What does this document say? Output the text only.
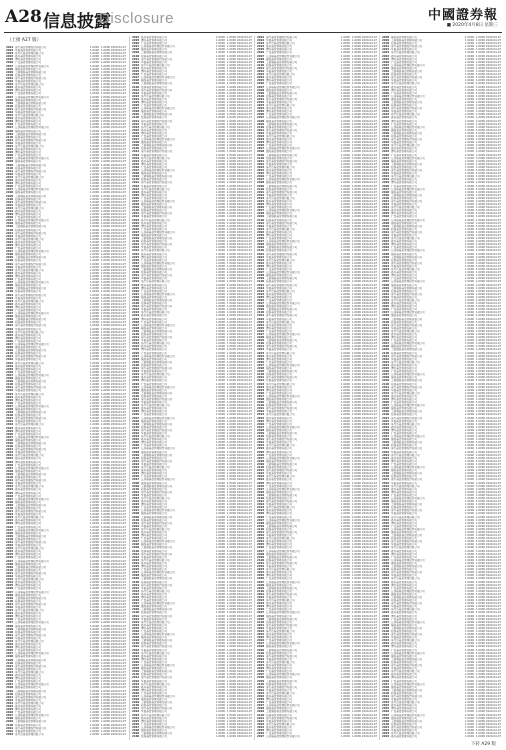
A28 信息披露
Disclosure	中國證券報
■ 2020年4月8日 星期三
（上接 A27 版）
2091 南方基金管理股份有限公司	1.0000 1.0000 2020-04-07
2092 华夏基金管理有限公司	1.0000 1.0000 2020-04-07
2093 易方达基金管理有限公司	1.0000 1.0000 2020-04-07
2094 嘉实基金管理有限公司	1.0000 1.0000 2020-04-07
2095 博时基金管理有限公司	1.0000 1.0000 2020-04-07
2096 广发基金管理有限公司	1.0000 1.0000 2020-04-07
2097 汇添富基金管理股份有限公司	1.0000 1.0000 2020-04-07
2098 富国基金管理有限公司	1.0000 1.0000 2020-04-07
2099 工银瑞信基金管理有限公司	1.0000 1.0000 2020-04-07
2100 招商基金管理有限公司	1.0000 1.0000 2020-04-07
2091 南方基金管理股份有限公司	1.0000 1.0000 2020-04-07
2092 华夏基金管理有限公司	1.0000 1.0000 2020-04-07
2093 易方达基金管理有限公司	1.0000 1.0000 2020-04-07
2094 嘉实基金管理有限公司	1.0000 1.0000 2020-04-07
2095 博时基金管理有限公司	1.0000 1.0000 2020-04-07
2096 广发基金管理有限公司	1.0000 1.0000 2020-04-07
2097 汇添富基金管理股份有限公司	1.0000 1.0000 2020-04-07
2098 富国基金管理有限公司	1.0000 1.0000 2020-04-07
2099 工银瑞信基金管理有限公司	1.0000 1.0000 2020-04-07
2100 招商基金管理有限公司	1.0000 1.0000 2020-04-07
2091 南方基金管理股份有限公司	1.0000 1.0000 2020-04-07
2092 华夏基金管理有限公司	1.0000 1.0000 2020-04-07
2093 易方达基金管理有限公司	1.0000 1.0000 2020-04-07
2094 嘉实基金管理有限公司	1.0000 1.0000 2020-04-07
2095 博时基金管理有限公司	1.0000 1.0000 2020-04-07
2096 广发基金管理有限公司	1.0000 1.0000 2020-04-07
2097 汇添富基金管理股份有限公司	1.0000 1.0000 2020-04-07
2098 富国基金管理有限公司	1.0000 1.0000 2020-04-07
2099 工银瑞信基金管理有限公司	1.0000 1.0000 2020-04-07
2100 招商基金管理有限公司	1.0000 1.0000 2020-04-07
2091 南方基金管理股份有限公司	1.0000 1.0000 2020-04-07
2092 华夏基金管理有限公司	1.0000 1.0000 2020-04-07
2093 易方达基金管理有限公司	1.0000 1.0000 2020-04-07
2094 嘉实基金管理有限公司	1.0000 1.0000 2020-04-07
2095 博时基金管理有限公司	1.0000 1.0000 2020-04-07
2096 广发基金管理有限公司	1.0000 1.0000 2020-04-07
2097 汇添富基金管理股份有限公司	1.0000 1.0000 2020-04-07
2098 富国基金管理有限公司	1.0000 1.0000 2020-04-07
2099 工银瑞信基金管理有限公司	1.0000 1.0000 2020-04-07
2100 招商基金管理有限公司	1.0000 1.0000 2020-04-07
2091 南方基金管理股份有限公司	1.0000 1.0000 2020-04-07
2092 华夏基金管理有限公司	1.0000 1.0000 2020-04-07
2093 易方达基金管理有限公司	1.0000 1.0000 2020-04-07
2094 嘉实基金管理有限公司	1.0000 1.0000 2020-04-07
2095 博时基金管理有限公司	1.0000 1.0000 2020-04-07
2096 广发基金管理有限公司	1.0000 1.0000 2020-04-07
2097 汇添富基金管理股份有限公司	1.0000 1.0000 2020-04-07
2098 富国基金管理有限公司	1.0000 1.0000 2020-04-07
2099 工银瑞信基金管理有限公司	1.0000 1.0000 2020-04-07
2100 招商基金管理有限公司	1.0000 1.0000 2020-04-07
2091 南方基金管理股份有限公司	1.0000 1.0000 2020-04-07
2092 华夏基金管理有限公司	1.0000 1.0000 2020-04-07
2093 易方达基金管理有限公司	1.0000 1.0000 2020-04-07
2094 嘉实基金管理有限公司	1.0000 1.0000 2020-04-07
2095 博时基金管理有限公司	1.0000 1.0000 2020-04-07
2096 广发基金管理有限公司	1.0000 1.0000 2020-04-07
2097 汇添富基金管理股份有限公司	1.0000 1.0000 2020-04-07
2098 富国基金管理有限公司	1.0000 1.0000 2020-04-07
2099 工银瑞信基金管理有限公司	1.0000 1.0000 2020-04-07
2100 招商基金管理有限公司	1.0000 1.0000 2020-04-07
2091 南方基金管理股份有限公司	1.0000 1.0000 2020-04-07
2092 华夏基金管理有限公司	1.0000 1.0000 2020-04-07
2093 易方达基金管理有限公司	1.0000 1.0000 2020-04-07
2094 嘉实基金管理有限公司	1.0000 1.0000 2020-04-07
2095 博时基金管理有限公司	1.0000 1.0000 2020-04-07
2096 广发基金管理有限公司	1.0000 1.0000 2020-04-07
2097 汇添富基金管理股份有限公司	1.0000 1.0000 2020-04-07
2098 富国基金管理有限公司	1.0000 1.0000 2020-04-07
2099 工银瑞信基金管理有限公司	1.0000 1.0000 2020-04-07
2100 招商基金管理有限公司	1.0000 1.0000 2020-04-07
2091 南方基金管理股份有限公司	1.0000 1.0000 2020-04-07
2092 华夏基金管理有限公司	1.0000 1.0000 2020-04-07
2093 易方达基金管理有限公司	1.0000 1.0000 2020-04-07
2094 嘉实基金管理有限公司	1.0000 1.0000 2020-04-07
2095 博时基金管理有限公司	1.0000 1.0000 2020-04-07
2096 广发基金管理有限公司	1.0000 1.0000 2020-04-07
2097 汇添富基金管理股份有限公司	1.0000 1.0000 2020-04-07
2098 富国基金管理有限公司	1.0000 1.0000 2020-04-07
2099 工银瑞信基金管理有限公司	1.0000 1.0000 2020-04-07
2100 招商基金管理有限公司	1.0000 1.0000 2020-04-07
2091 南方基金管理股份有限公司	1.0000 1.0000 2020-04-07
2092 华夏基金管理有限公司	1.0000 1.0000 2020-04-07
2093 易方达基金管理有限公司	1.0000 1.0000 2020-04-07
2094 嘉实基金管理有限公司	1.0000 1.0000 2020-04-07
2095 博时基金管理有限公司	1.0000 1.0000 2020-04-07
2096 广发基金管理有限公司	1.0000 1.0000 2020-04-07
2097 汇添富基金管理股份有限公司	1.0000 1.0000 2020-04-07
2098 富国基金管理有限公司	1.0000 1.0000 2020-04-07
2099 工银瑞信基金管理有限公司	1.0000 1.0000 2020-04-07
2100 招商基金管理有限公司	1.0000 1.0000 2020-04-07
2091 南方基金管理股份有限公司	1.0000 1.0000 2020-04-07
2092 华夏基金管理有限公司	1.0000 1.0000 2020-04-07
2093 易方达基金管理有限公司	1.0000 1.0000 2020-04-07
2094 嘉实基金管理有限公司	1.0000 1.0000 2020-04-07
2095 博时基金管理有限公司	1.0000 1.0000 2020-04-07
2096 广发基金管理有限公司	1.0000 1.0000 2020-04-07
2097 汇添富基金管理股份有限公司	1.0000 1.0000 2020-04-07
2098 富国基金管理有限公司	1.0000 1.0000 2020-04-07
2099 工银瑞信基金管理有限公司	1.0000 1.0000 2020-04-07
2100 招商基金管理有限公司	1.0000 1.0000 2020-04-07
2091 南方基金管理股份有限公司	1.0000 1.0000 2020-04-07
2092 华夏基金管理有限公司	1.0000 1.0000 2020-04-07
2093 易方达基金管理有限公司	1.0000 1.0000 2020-04-07
2094 嘉实基金管理有限公司	1.0000 1.0000 2020-04-07
2095 博时基金管理有限公司	1.0000 1.0000 2020-04-07
2096 广发基金管理有限公司	1.0000 1.0000 2020-04-07
2097 汇添富基金管理股份有限公司	1.0000 1.0000 2020-04-07
2098 富国基金管理有限公司	1.0000 1.0000 2020-04-07
2099 工银瑞信基金管理有限公司	1.0000 1.0000 2020-04-07
2100 招商基金管理有限公司	1.0000 1.0000 2020-04-07
2091 南方基金管理股份有限公司	1.0000 1.0000 2020-04-07
2092 华夏基金管理有限公司	1.0000 1.0000 2020-04-07
2093 易方达基金管理有限公司	1.0000 1.0000 2020-04-07
2094 嘉实基金管理有限公司	1.0000 1.0000 2020-04-07
2095 博时基金管理有限公司	1.0000 1.0000 2020-04-07
2096 广发基金管理有限公司	1.0000 1.0000 2020-04-07
2097 汇添富基金管理股份有限公司	1.0000 1.0000 2020-04-07
2098 富国基金管理有限公司	1.0000 1.0000 2020-04-07
2099 工银瑞信基金管理有限公司	1.0000 1.0000 2020-04-07
2100 招商基金管理有限公司	1.0000 1.0000 2020-04-07
2091 南方基金管理股份有限公司	1.0000 1.0000 2020-04-07
2092 华夏基金管理有限公司	1.0000 1.0000 2020-04-07
2093 易方达基金管理有限公司	1.0000 1.0000 2020-04-07
2094 嘉实基金管理有限公司	1.0000 1.0000 2020-04-07
2095 博时基金管理有限公司	1.0000 1.0000 2020-04-07
2096 广发基金管理有限公司	1.0000 1.0000 2020-04-07
2097 汇添富基金管理股份有限公司	1.0000 1.0000 2020-04-07
2098 富国基金管理有限公司	1.0000 1.0000 2020-04-07
2099 工银瑞信基金管理有限公司	1.0000 1.0000 2020-04-07
2100 招商基金管理有限公司	1.0000 1.0000 2020-04-07
2091 南方基金管理股份有限公司	1.0000 1.0000 2020-04-07
2092 华夏基金管理有限公司	1.0000 1.0000 2020-04-07
2093 易方达基金管理有限公司	1.0000 1.0000 2020-04-07
2094 嘉实基金管理有限公司	1.0000 1.0000 2020-04-07
2095 博时基金管理有限公司	1.0000 1.0000 2020-04-07
2096 广发基金管理有限公司	1.0000 1.0000 2020-04-07
2097 汇添富基金管理股份有限公司	1.0000 1.0000 2020-04-07
2098 富国基金管理有限公司	1.0000 1.0000 2020-04-07
2099 工银瑞信基金管理有限公司	1.0000 1.0000 2020-04-07
2100 招商基金管理有限公司	1.0000 1.0000 2020-04-07
2091 南方基金管理股份有限公司	1.0000 1.0000 2020-04-07
2092 华夏基金管理有限公司	1.0000 1.0000 2020-04-07
2093 易方达基金管理有限公司	1.0000 1.0000 2020-04-07
2094 嘉实基金管理有限公司	1.0000 1.0000 2020-04-07
2095 博时基金管理有限公司	1.0000 1.0000 2020-04-07
2096 广发基金管理有限公司	1.0000 1.0000 2020-04-07
2097 汇添富基金管理股份有限公司	1.0000 1.0000 2020-04-07
2098 富国基金管理有限公司	1.0000 1.0000 2020-04-07
2099 工银瑞信基金管理有限公司	1.0000 1.0000 2020-04-07
2100 招商基金管理有限公司	1.0000 1.0000 2020-04-07
2091 南方基金管理股份有限公司	1.0000 1.0000 2020-04-07
2092 华夏基金管理有限公司	1.0000 1.0000 2020-04-07
2093 易方达基金管理有限公司	1.0000 1.0000 2020-04-07
2094 嘉实基金管理有限公司	1.0000 1.0000 2020-04-07
2095 博时基金管理有限公司	1.0000 1.0000 2020-04-07
2096 广发基金管理有限公司	1.0000 1.0000 2020-04-07
2097 汇添富基金管理股份有限公司	1.0000 1.0000 2020-04-07
2098 富国基金管理有限公司	1.0000 1.0000 2020-04-07
2099 工银瑞信基金管理有限公司	1.0000 1.0000 2020-04-07
2100 招商基金管理有限公司	1.0000 1.0000 2020-04-07
2091 南方基金管理股份有限公司	1.0000 1.0000 2020-04-07
2092 华夏基金管理有限公司	1.0000 1.0000 2020-04-07
2093 易方达基金管理有限公司	1.0000 1.0000 2020-04-07
2094 嘉实基金管理有限公司	1.0000 1.0000 2020-04-07
2095 博时基金管理有限公司	1.0000 1.0000 2020-04-07
2096 广发基金管理有限公司	1.0000 1.0000 2020-04-07
2097 汇添富基金管理股份有限公司	1.0000 1.0000 2020-04-07
2098 富国基金管理有限公司	1.0000 1.0000 2020-04-07
2099 工银瑞信基金管理有限公司	1.0000 1.0000 2020-04-07
2100 招商基金管理有限公司	1.0000 1.0000 2020-04-07
2091 南方基金管理股份有限公司	1.0000 1.0000 2020-04-07
2092 华夏基金管理有限公司	1.0000 1.0000 2020-04-07
2093 易方达基金管理有限公司	1.0000 1.0000 2020-04-07
2094 嘉实基金管理有限公司	1.0000 1.0000 2020-04-07
2095 博时基金管理有限公司	1.0000 1.0000 2020-04-07
2096 广发基金管理有限公司	1.0000 1.0000 2020-04-07
2097 汇添富基金管理股份有限公司	1.0000 1.0000 2020-04-07
2098 富国基金管理有限公司	1.0000 1.0000 2020-04-07
2099 工银瑞信基金管理有限公司	1.0000 1.0000 2020-04-07
2100 招商基金管理有限公司	1.0000 1.0000 2020-04-07
2091 南方基金管理股份有限公司	1.0000 1.0000 2020-04-07
2092 华夏基金管理有限公司	1.0000 1.0000 2020-04-07
2093 易方达基金管理有限公司	1.0000 1.0000 2020-04-07
2094 嘉实基金管理有限公司	1.0000 1.0000 2020-04-07
2095 博时基金管理有限公司	1.0000 1.0000 2020-04-07
2096 广发基金管理有限公司	1.0000 1.0000 2020-04-07
2097 汇添富基金管理股份有限公司	1.0000 1.0000 2020-04-07
2098 富国基金管理有限公司	1.0000 1.0000 2020-04-07
2099 工银瑞信基金管理有限公司	1.0000 1.0000 2020-04-07
2100 招商基金管理有限公司	1.0000 1.0000 2020-04-07
2091 南方基金管理股份有限公司	1.0000 1.0000 2020-04-07
2092 华夏基金管理有限公司	1.0000 1.0000 2020-04-07
2093 易方达基金管理有限公司	1.0000 1.0000 2020-04-07
2094 嘉实基金管理有限公司	1.0000 1.0000 2020-04-07
2095 博时基金管理有限公司	1.0000 1.0000 2020-04-07
2096 广发基金管理有限公司	1.0000 1.0000 2020-04-07
2097 汇添富基金管理股份有限公司	1.0000 1.0000 2020-04-07
2098 富国基金管理有限公司	1.0000 1.0000 2020-04-07
2099 工银瑞信基金管理有限公司	1.0000 1.0000 2020-04-07
2100 招商基金管理有限公司	1.0000 1.0000 2020-04-07
2091 南方基金管理股份有限公司	1.0000 1.0000 2020-04-07
2092 华夏基金管理有限公司	1.0000 1.0000 2020-04-07
2093 易方达基金管理有限公司	1.0000 1.0000 2020-04-07
2094 嘉实基金管理有限公司	1.0000 1.0000 2020-04-07
2095 博时基金管理有限公司	1.0000 1.0000 2020-04-07
2096 广发基金管理有限公司	1.0000 1.0000 2020-04-07
2097 汇添富基金管理股份有限公司	1.0000 1.0000 2020-04-07
2098 富国基金管理有限公司	1.0000 1.0000 2020-04-07
2099 工银瑞信基金管理有限公司	1.0000 1.0000 2020-04-07
2100 招商基金管理有限公司	1.0000 1.0000 2020-04-07
2091 南方基金管理股份有限公司	1.0000 1.0000 2020-04-07
2092 华夏基金管理有限公司	1.0000 1.0000 2020-04-07
2093 易方达基金管理有限公司	1.0000 1.0000 2020-04-07
2094 嘉实基金管理有限公司	1.0000 1.0000 2020-04-07
2095 博时基金管理有限公司	1.0000 1.0000 2020-04-07
2096 广发基金管理有限公司	1.0000 1.0000 2020-04-07
2097 汇添富基金管理股份有限公司	1.0000 1.0000 2020-04-07
2098 富国基金管理有限公司	1.0000 1.0000 2020-04-07
2099 工银瑞信基金管理有限公司	1.0000 1.0000 2020-04-07
2100 招商基金管理有限公司	1.0000 1.0000 2020-04-07
2091 南方基金管理股份有限公司	1.0000 1.0000 2020-04-07
2092 华夏基金管理有限公司	1.0000 1.0000 2020-04-07
2093 易方达基金管理有限公司	1.0000 1.0000 2020-04-07
2094 嘉实基金管理有限公司	1.0000 1.0000 2020-04-07
2095 博时基金管理有限公司	1.0000 1.0000 2020-04-07
2096 广发基金管理有限公司	1.0000 1.0000 2020-04-07
2097 汇添富基金管理股份有限公司	1.0000 1.0000 2020-04-07
2098 富国基金管理有限公司	1.0000 1.0000 2020-04-07
2099 工银瑞信基金管理有限公司	1.0000 1.0000 2020-04-07
2100 招商基金管理有限公司	1.0000 1.0000 2020-04-07
2091 南方基金管理股份有限公司	1.0000 1.0000 2020-04-07
2092 华夏基金管理有限公司	1.0000 1.0000 2020-04-07
2093 易方达基金管理有限公司	1.0000 1.0000 2020-04-07
2094 嘉实基金管理有限公司	1.0000 1.0000 2020-04-07
2095 博时基金管理有限公司	1.0000 1.0000 2020-04-07
2096 广发基金管理有限公司	1.0000 1.0000 2020-04-07
2097 汇添富基金管理股份有限公司	1.0000 1.0000 2020-04-07
2098 富国基金管理有限公司	1.0000 1.0000 2020-04-07
2099 工银瑞信基金管理有限公司	1.0000 1.0000 2020-04-07
2100 招商基金管理有限公司	1.0000 1.0000 2020-04-07
2091 南方基金管理股份有限公司	1.0000 1.0000 2020-04-07
2092 华夏基金管理有限公司	1.0000 1.0000 2020-04-07
2093 易方达基金管理有限公司	1.0000 1.0000 2020-04-07
2094 嘉实基金管理有限公司	1.0000 1.0000 2020-04-07
2095 博时基金管理有限公司	1.0000 1.0000 2020-04-07
2096 广发基金管理有限公司	1.0000 1.0000 2020-04-07
2097 汇添富基金管理股份有限公司	1.0000 1.0000 2020-04-07
2098 富国基金管理有限公司	1.0000 1.0000 2020-04-07
2099 工银瑞信基金管理有限公司	1.0000 1.0000 2020-04-07
2100 招商基金管理有限公司	1.0000 1.0000 2020-04-07
2091 南方基金管理股份有限公司	1.0000 1.0000 2020-04-07
2092 华夏基金管理有限公司	1.0000 1.0000 2020-04-07
2093 易方达基金管理有限公司	1.0000 1.0000 2020-04-07
2094 嘉实基金管理有限公司	1.0000 1.0000 2020-04-07
2095 博时基金管理有限公司	1.0000 1.0000 2020-04-07
2096 广发基金管理有限公司	1.0000 1.0000 2020-04-07
2097 汇添富基金管理股份有限公司	1.0000 1.0000 2020-04-07
2098 富国基金管理有限公司	1.0000 1.0000 2020-04-07
2099 工银瑞信基金管理有限公司	1.0000 1.0000 2020-04-07
2100 招商基金管理有限公司	1.0000 1.0000 2020-04-07
2091 南方基金管理股份有限公司	1.0000 1.0000 2020-04-07
2092 华夏基金管理有限公司	1.0000 1.0000 2020-04-07
2093 易方达基金管理有限公司	1.0000 1.0000 2020-04-07
2094 嘉实基金管理有限公司	1.0000 1.0000 2020-04-07
2095 博时基金管理有限公司	1.0000 1.0000 2020-04-07
2096 广发基金管理有限公司	1.0000 1.0000 2020-04-07
2097 汇添富基金管理股份有限公司	1.0000 1.0000 2020-04-07
2098 富国基金管理有限公司	1.0000 1.0000 2020-04-07
2099 工银瑞信基金管理有限公司	1.0000 1.0000 2020-04-07
2100 招商基金管理有限公司	1.0000 1.0000 2020-04-07
2091 南方基金管理股份有限公司	1.0000 1.0000 2020-04-07
2092 华夏基金管理有限公司	1.0000 1.0000 2020-04-07
2093 易方达基金管理有限公司	1.0000 1.0000 2020-04-07
2094 嘉实基金管理有限公司	1.0000 1.0000 2020-04-07
2095 博时基金管理有限公司	1.0000 1.0000 2020-04-07
2096 广发基金管理有限公司	1.0000 1.0000 2020-04-07
2097 汇添富基金管理股份有限公司	1.0000 1.0000 2020-04-07
2098 富国基金管理有限公司	1.0000 1.0000 2020-04-07
2099 工银瑞信基金管理有限公司	1.0000 1.0000 2020-04-07
2100 招商基金管理有限公司	1.0000 1.0000 2020-04-07
2091 南方基金管理股份有限公司	1.0000 1.0000 2020-04-07
2092 华夏基金管理有限公司	1.0000 1.0000 2020-04-07
2093 易方达基金管理有限公司	1.0000 1.0000 2020-04-07
2094 嘉实基金管理有限公司	1.0000 1.0000 2020-04-07
2095 博时基金管理有限公司	1.0000 1.0000 2020-04-07
2096 广发基金管理有限公司	1.0000 1.0000 2020-04-07
2097 汇添富基金管理股份有限公司	1.0000 1.0000 2020-04-07
2098 富国基金管理有限公司	1.0000 1.0000 2020-04-07
2099 工银瑞信基金管理有限公司	1.0000 1.0000 2020-04-07
2100 招商基金管理有限公司	1.0000 1.0000 2020-04-07
2091 南方基金管理股份有限公司	1.0000 1.0000 2020-04-07
2092 华夏基金管理有限公司	1.0000 1.0000 2020-04-07
2093 易方达基金管理有限公司	1.0000 1.0000 2020-04-07
2094 嘉实基金管理有限公司	1.0000 1.0000 2020-04-07
2095 博时基金管理有限公司	1.0000 1.0000 2020-04-07
2096 广发基金管理有限公司	1.0000 1.0000 2020-04-07
2097 汇添富基金管理股份有限公司	1.0000 1.0000 2020-04-07
2098 富国基金管理有限公司	1.0000 1.0000 2020-04-07
2099 工银瑞信基金管理有限公司	1.0000 1.0000 2020-04-07
2100 招商基金管理有限公司	1.0000 1.0000 2020-04-07
2091 南方基金管理股份有限公司	1.0000 1.0000 2020-04-07
2092 华夏基金管理有限公司	1.0000 1.0000 2020-04-07
2093 易方达基金管理有限公司	1.0000 1.0000 2020-04-07
2094 嘉实基金管理有限公司	1.0000 1.0000 2020-04-07
2095 博时基金管理有限公司	1.0000 1.0000 2020-04-07
2096 广发基金管理有限公司	1.0000 1.0000 2020-04-07
2097 汇添富基金管理股份有限公司	1.0000 1.0000 2020-04-07
2098 富国基金管理有限公司	1.0000 1.0000 2020-04-07
2099 工银瑞信基金管理有限公司	1.0000 1.0000 2020-04-07
2100 招商基金管理有限公司	1.0000 1.0000 2020-04-07
2091 南方基金管理股份有限公司	1.0000 1.0000 2020-04-07
2092 华夏基金管理有限公司	1.0000 1.0000 2020-04-07
2093 易方达基金管理有限公司	1.0000 1.0000 2020-04-07
2094 嘉实基金管理有限公司	1.0000 1.0000 2020-04-07
2095 博时基金管理有限公司	1.0000 1.0000 2020-04-07
2096 广发基金管理有限公司	1.0000 1.0000 2020-04-07
2097 汇添富基金管理股份有限公司	1.0000 1.0000 2020-04-07
2098 富国基金管理有限公司	1.0000 1.0000 2020-04-07
2099 工银瑞信基金管理有限公司	1.0000 1.0000 2020-04-07
2100 招商基金管理有限公司	1.0000 1.0000 2020-04-07
2091 南方基金管理股份有限公司	1.0000 1.0000 2020-04-07
2092 华夏基金管理有限公司	1.0000 1.0000 2020-04-07
2093 易方达基金管理有限公司	1.0000 1.0000 2020-04-07
2094 嘉实基金管理有限公司	1.0000 1.0000 2020-04-07
2095 博时基金管理有限公司	1.0000 1.0000 2020-04-07
2096 广发基金管理有限公司	1.0000 1.0000 2020-04-07
2097 汇添富基金管理股份有限公司	1.0000 1.0000 2020-04-07
2098 富国基金管理有限公司	1.0000 1.0000 2020-04-07
2099 工银瑞信基金管理有限公司	1.0000 1.0000 2020-04-07
2100 招商基金管理有限公司	1.0000 1.0000 2020-04-07
2091 南方基金管理股份有限公司	1.0000 1.0000 2020-04-07
2092 华夏基金管理有限公司	1.0000 1.0000 2020-04-07
2093 易方达基金管理有限公司	1.0000 1.0000 2020-04-07
2094 嘉实基金管理有限公司	1.0000 1.0000 2020-04-07
2095 博时基金管理有限公司	1.0000 1.0000 2020-04-07
2096 广发基金管理有限公司	1.0000 1.0000 2020-04-07
2097 汇添富基金管理股份有限公司	1.0000 1.0000 2020-04-07
2098 富国基金管理有限公司	1.0000 1.0000 2020-04-07
2099 工银瑞信基金管理有限公司	1.0000 1.0000 2020-04-07
2100 招商基金管理有限公司	1.0000 1.0000 2020-04-07
2091 南方基金管理股份有限公司	1.0000 1.0000 2020-04-07
2092 华夏基金管理有限公司	1.0000 1.0000 2020-04-07
2093 易方达基金管理有限公司	1.0000 1.0000 2020-04-07
2094 嘉实基金管理有限公司	1.0000 1.0000 2020-04-07
2095 博时基金管理有限公司	1.0000 1.0000 2020-04-07
2096 广发基金管理有限公司	1.0000 1.0000 2020-04-07
2097 汇添富基金管理股份有限公司	1.0000 1.0000 2020-04-07
2098 富国基金管理有限公司	1.0000 1.0000 2020-04-07
2099 工银瑞信基金管理有限公司	1.0000 1.0000 2020-04-07
2100 招商基金管理有限公司	1.0000 1.0000 2020-04-07
2091 南方基金管理股份有限公司	1.0000 1.0000 2020-04-07
2092 华夏基金管理有限公司	1.0000 1.0000 2020-04-07
2093 易方达基金管理有限公司	1.0000 1.0000 2020-04-07
2094 嘉实基金管理有限公司	1.0000 1.0000 2020-04-07
2095 博时基金管理有限公司	1.0000 1.0000 2020-04-07
2096 广发基金管理有限公司	1.0000 1.0000 2020-04-07
2097 汇添富基金管理股份有限公司	1.0000 1.0000 2020-04-07
2098 富国基金管理有限公司	1.0000 1.0000 2020-04-07
2099 工银瑞信基金管理有限公司	1.0000 1.0000 2020-04-07
2100 招商基金管理有限公司	1.0000 1.0000 2020-04-07
2091 南方基金管理股份有限公司	1.0000 1.0000 2020-04-07
2092 华夏基金管理有限公司	1.0000 1.0000 2020-04-07
2093 易方达基金管理有限公司	1.0000 1.0000 2020-04-07
2094 嘉实基金管理有限公司	1.0000 1.0000 2020-04-07
2095 博时基金管理有限公司	1.0000 1.0000 2020-04-07
2096 广发基金管理有限公司	1.0000 1.0000 2020-04-07
2097 汇添富基金管理股份有限公司	1.0000 1.0000 2020-04-07
2098 富国基金管理有限公司	1.0000 1.0000 2020-04-07
2099 工银瑞信基金管理有限公司	1.0000 1.0000 2020-04-07
2100 招商基金管理有限公司	1.0000 1.0000 2020-04-07
2091 南方基金管理股份有限公司	1.0000 1.0000 2020-04-07
2092 华夏基金管理有限公司	1.0000 1.0000 2020-04-07
2093 易方达基金管理有限公司	1.0000 1.0000 2020-04-07
2094 嘉实基金管理有限公司	1.0000 1.0000 2020-04-07
2095 博时基金管理有限公司	1.0000 1.0000 2020-04-07
2096 广发基金管理有限公司	1.0000 1.0000 2020-04-07
2097 汇添富基金管理股份有限公司	1.0000 1.0000 2020-04-07
2098 富国基金管理有限公司	1.0000 1.0000 2020-04-07
2099 工银瑞信基金管理有限公司	1.0000 1.0000 2020-04-07
2100 招商基金管理有限公司	1.0000 1.0000 2020-04-07
2091 南方基金管理股份有限公司	1.0000 1.0000 2020-04-07
2092 华夏基金管理有限公司	1.0000 1.0000 2020-04-07
2093 易方达基金管理有限公司	1.0000 1.0000 2020-04-07
2094 嘉实基金管理有限公司	1.0000 1.0000 2020-04-07
2095 博时基金管理有限公司	1.0000 1.0000 2020-04-07
2096 广发基金管理有限公司	1.0000 1.0000 2020-04-07
2097 汇添富基金管理股份有限公司	1.0000 1.0000 2020-04-07
2098 富国基金管理有限公司	1.0000 1.0000 2020-04-07
2099 工银瑞信基金管理有限公司	1.0000 1.0000 2020-04-07
2100 招商基金管理有限公司	1.0000 1.0000 2020-04-07
2091 南方基金管理股份有限公司	1.0000 1.0000 2020-04-07
2092 华夏基金管理有限公司	1.0000 1.0000 2020-04-07
2093 易方达基金管理有限公司	1.0000 1.0000 2020-04-07
2094 嘉实基金管理有限公司	1.0000 1.0000 2020-04-07
2095 博时基金管理有限公司	1.0000 1.0000 2020-04-07
2096 广发基金管理有限公司	1.0000 1.0000 2020-04-07
2097 汇添富基金管理股份有限公司	1.0000 1.0000 2020-04-07
2098 富国基金管理有限公司	1.0000 1.0000 2020-04-07
2099 工银瑞信基金管理有限公司	1.0000 1.0000 2020-04-07
2100 招商基金管理有限公司	1.0000 1.0000 2020-04-07
2091 南方基金管理股份有限公司	1.0000 1.0000 2020-04-07
2092 华夏基金管理有限公司	1.0000 1.0000 2020-04-07
2093 易方达基金管理有限公司	1.0000 1.0000 2020-04-07
2094 嘉实基金管理有限公司	1.0000 1.0000 2020-04-07
2095 博时基金管理有限公司	1.0000 1.0000 2020-04-07
2096 广发基金管理有限公司	1.0000 1.0000 2020-04-07
2097 汇添富基金管理股份有限公司	1.0000 1.0000 2020-04-07
2098 富国基金管理有限公司	1.0000 1.0000 2020-04-07
2099 工银瑞信基金管理有限公司	1.0000 1.0000 2020-04-07
2100 招商基金管理有限公司	1.0000 1.0000 2020-04-07
2091 南方基金管理股份有限公司	1.0000 1.0000 2020-04-07
2092 华夏基金管理有限公司	1.0000 1.0000 2020-04-07
2093 易方达基金管理有限公司	1.0000 1.0000 2020-04-07
2094 嘉实基金管理有限公司	1.0000 1.0000 2020-04-07
2095 博时基金管理有限公司	1.0000 1.0000 2020-04-07
2096 广发基金管理有限公司	1.0000 1.0000 2020-04-07
2097 汇添富基金管理股份有限公司	1.0000 1.0000 2020-04-07
2098 富国基金管理有限公司	1.0000 1.0000 2020-04-07
2099 工银瑞信基金管理有限公司	1.0000 1.0000 2020-04-07
2100 招商基金管理有限公司	1.0000 1.0000 2020-04-07
2091 南方基金管理股份有限公司	1.0000 1.0000 2020-04-07
2092 华夏基金管理有限公司	1.0000 1.0000 2020-04-07
2093 易方达基金管理有限公司	1.0000 1.0000 2020-04-07
2094 嘉实基金管理有限公司	1.0000 1.0000 2020-04-07
2095 博时基金管理有限公司	1.0000 1.0000 2020-04-07
2096 广发基金管理有限公司	1.0000 1.0000 2020-04-07
2097 汇添富基金管理股份有限公司	1.0000 1.0000 2020-04-07
2098 富国基金管理有限公司	1.0000 1.0000 2020-04-07
2099 工银瑞信基金管理有限公司	1.0000 1.0000 2020-04-07
2100 招商基金管理有限公司	1.0000 1.0000 2020-04-07
2091 南方基金管理股份有限公司	1.0000 1.0000 2020-04-07
2092 华夏基金管理有限公司	1.0000 1.0000 2020-04-07
2093 易方达基金管理有限公司	1.0000 1.0000 2020-04-07
2094 嘉实基金管理有限公司	1.0000 1.0000 2020-04-07
2095 博时基金管理有限公司	1.0000 1.0000 2020-04-07
2096 广发基金管理有限公司	1.0000 1.0000 2020-04-07
2097 汇添富基金管理股份有限公司	1.0000 1.0000 2020-04-07
2098 富国基金管理有限公司	1.0000 1.0000 2020-04-07
2099 工银瑞信基金管理有限公司	1.0000 1.0000 2020-04-07
2100 招商基金管理有限公司	1.0000 1.0000 2020-04-07
2091 南方基金管理股份有限公司	1.0000 1.0000 2020-04-07
2092 华夏基金管理有限公司	1.0000 1.0000 2020-04-07
2093 易方达基金管理有限公司	1.0000 1.0000 2020-04-07
2094 嘉实基金管理有限公司	1.0000 1.0000 2020-04-07
2095 博时基金管理有限公司	1.0000 1.0000 2020-04-07
2096 广发基金管理有限公司	1.0000 1.0000 2020-04-07
2097 汇添富基金管理股份有限公司	1.0000 1.0000 2020-04-07
2098 富国基金管理有限公司	1.0000 1.0000 2020-04-07
2099 工银瑞信基金管理有限公司	1.0000 1.0000 2020-04-07
2100 招商基金管理有限公司	1.0000 1.0000 2020-04-07
2091 南方基金管理股份有限公司	1.0000 1.0000 2020-04-07
2092 华夏基金管理有限公司	1.0000 1.0000 2020-04-07
2093 易方达基金管理有限公司	1.0000 1.0000 2020-04-07
2094 嘉实基金管理有限公司	1.0000 1.0000 2020-04-07
2095 博时基金管理有限公司	1.0000 1.0000 2020-04-07
2096 广发基金管理有限公司	1.0000 1.0000 2020-04-07
2097 汇添富基金管理股份有限公司	1.0000 1.0000 2020-04-07
2098 富国基金管理有限公司	1.0000 1.0000 2020-04-07
2099 工银瑞信基金管理有限公司	1.0000 1.0000 2020-04-07
2100 招商基金管理有限公司	1.0000 1.0000 2020-04-07
2091 南方基金管理股份有限公司	1.0000 1.0000 2020-04-07
2092 华夏基金管理有限公司	1.0000 1.0000 2020-04-07
2093 易方达基金管理有限公司	1.0000 1.0000 2020-04-07
2094 嘉实基金管理有限公司	1.0000 1.0000 2020-04-07
2095 博时基金管理有限公司	1.0000 1.0000 2020-04-07
2096 广发基金管理有限公司	1.0000 1.0000 2020-04-07
2097 汇添富基金管理股份有限公司	1.0000 1.0000 2020-04-07
2098 富国基金管理有限公司	1.0000 1.0000 2020-04-07
2099 工银瑞信基金管理有限公司	1.0000 1.0000 2020-04-07
2100 招商基金管理有限公司	1.0000 1.0000 2020-04-07
2091 南方基金管理股份有限公司	1.0000 1.0000 2020-04-07
2092 华夏基金管理有限公司	1.0000 1.0000 2020-04-07
2093 易方达基金管理有限公司	1.0000 1.0000 2020-04-07
2094 嘉实基金管理有限公司	1.0000 1.0000 2020-04-07
2095 博时基金管理有限公司	1.0000 1.0000 2020-04-07
2096 广发基金管理有限公司	1.0000 1.0000 2020-04-07
2097 汇添富基金管理股份有限公司	1.0000 1.0000 2020-04-07
2098 富国基金管理有限公司	1.0000 1.0000 2020-04-07
2099 工银瑞信基金管理有限公司	1.0000 1.0000 2020-04-07
2100 招商基金管理有限公司	1.0000 1.0000 2020-04-07
2091 南方基金管理股份有限公司	1.0000 1.0000 2020-04-07
2092 华夏基金管理有限公司	1.0000 1.0000 2020-04-07
2093 易方达基金管理有限公司	1.0000 1.0000 2020-04-07
2094 嘉实基金管理有限公司	1.0000 1.0000 2020-04-07
2095 博时基金管理有限公司	1.0000 1.0000 2020-04-07
2096 广发基金管理有限公司	1.0000 1.0000 2020-04-07
2097 汇添富基金管理股份有限公司	1.0000 1.0000 2020-04-07
2098 富国基金管理有限公司	1.0000 1.0000 2020-04-07
2099 工银瑞信基金管理有限公司	1.0000 1.0000 2020-04-07
2100 招商基金管理有限公司	1.0000 1.0000 2020-04-07
2091 南方基金管理股份有限公司	1.0000 1.0000 2020-04-07
2092 华夏基金管理有限公司	1.0000 1.0000 2020-04-07
2093 易方达基金管理有限公司	1.0000 1.0000 2020-04-07
2094 嘉实基金管理有限公司	1.0000 1.0000 2020-04-07
2095 博时基金管理有限公司	1.0000 1.0000 2020-04-07
2096 广发基金管理有限公司	1.0000 1.0000 2020-04-07
2097 汇添富基金管理股份有限公司	1.0000 1.0000 2020-04-07
2098 富国基金管理有限公司	1.0000 1.0000 2020-04-07
2099 工银瑞信基金管理有限公司	1.0000 1.0000 2020-04-07
2100 招商基金管理有限公司	1.0000 1.0000 2020-04-07
2091 南方基金管理股份有限公司	1.0000 1.0000 2020-04-07
2092 华夏基金管理有限公司	1.0000 1.0000 2020-04-07
2093 易方达基金管理有限公司	1.0000 1.0000 2020-04-07
2094 嘉实基金管理有限公司	1.0000 1.0000 2020-04-07
2095 博时基金管理有限公司	1.0000 1.0000 2020-04-07
2096 广发基金管理有限公司	1.0000 1.0000 2020-04-07
2097 汇添富基金管理股份有限公司	1.0000 1.0000 2020-04-07
2098 富国基金管理有限公司	1.0000 1.0000 2020-04-07
2099 工银瑞信基金管理有限公司	1.0000 1.0000 2020-04-07
2100 招商基金管理有限公司	1.0000 1.0000 2020-04-07
2091 南方基金管理股份有限公司	1.0000 1.0000 2020-04-07
2092 华夏基金管理有限公司	1.0000 1.0000 2020-04-07
2093 易方达基金管理有限公司	1.0000 1.0000 2020-04-07
2094 嘉实基金管理有限公司	1.0000 1.0000 2020-04-07
2095 博时基金管理有限公司	1.0000 1.0000 2020-04-07
2096 广发基金管理有限公司	1.0000 1.0000 2020-04-07
2097 汇添富基金管理股份有限公司	1.0000 1.0000 2020-04-07
2098 富国基金管理有限公司	1.0000 1.0000 2020-04-07
2099 工银瑞信基金管理有限公司	1.0000 1.0000 2020-04-07
2100 招商基金管理有限公司	1.0000 1.0000 2020-04-07
2091 南方基金管理股份有限公司	1.0000 1.0000 2020-04-07
2092 华夏基金管理有限公司	1.0000 1.0000 2020-04-07
2093 易方达基金管理有限公司	1.0000 1.0000 2020-04-07
2094 嘉实基金管理有限公司	1.0000 1.0000 2020-04-07
2095 博时基金管理有限公司	1.0000 1.0000 2020-04-07
2096 广发基金管理有限公司	1.0000 1.0000 2020-04-07
2097 汇添富基金管理股份有限公司	1.0000 1.0000 2020-04-07
2098 富国基金管理有限公司	1.0000 1.0000 2020-04-07
2099 工银瑞信基金管理有限公司	1.0000 1.0000 2020-04-07
2100 招商基金管理有限公司	1.0000 1.0000 2020-04-07
2091 南方基金管理股份有限公司	1.0000 1.0000 2020-04-07
2092 华夏基金管理有限公司	1.0000 1.0000 2020-04-07
2093 易方达基金管理有限公司	1.0000 1.0000 2020-04-07
2094 嘉实基金管理有限公司	1.0000 1.0000 2020-04-07
2095 博时基金管理有限公司	1.0000 1.0000 2020-04-07
2096 广发基金管理有限公司	1.0000 1.0000 2020-04-07
2097 汇添富基金管理股份有限公司	1.0000 1.0000 2020-04-07
2098 富国基金管理有限公司	1.0000 1.0000 2020-04-07
2099 工银瑞信基金管理有限公司	1.0000 1.0000 2020-04-07
2100 招商基金管理有限公司	1.0000 1.0000 2020-04-07
2091 南方基金管理股份有限公司	1.0000 1.0000 2020-04-07
2092 华夏基金管理有限公司	1.0000 1.0000 2020-04-07
2093 易方达基金管理有限公司	1.0000 1.0000 2020-04-07
2094 嘉实基金管理有限公司	1.0000 1.0000 2020-04-07
2095 博时基金管理有限公司	1.0000 1.0000 2020-04-07
2096 广发基金管理有限公司	1.0000 1.0000 2020-04-07
2097 汇添富基金管理股份有限公司	1.0000 1.0000 2020-04-07
2098 富国基金管理有限公司	1.0000 1.0000 2020-04-07
2099 工银瑞信基金管理有限公司	1.0000 1.0000 2020-04-07
2100 招商基金管理有限公司	1.0000 1.0000 2020-04-07
2091 南方基金管理股份有限公司	1.0000 1.0000 2020-04-07
2092 华夏基金管理有限公司	1.0000 1.0000 2020-04-07
2093 易方达基金管理有限公司	1.0000 1.0000 2020-04-07
2094 嘉实基金管理有限公司	1.0000 1.0000 2020-04-07
2095 博时基金管理有限公司	1.0000 1.0000 2020-04-07
2096 广发基金管理有限公司	1.0000 1.0000 2020-04-07
2097 汇添富基金管理股份有限公司	1.0000 1.0000 2020-04-07
2098 富国基金管理有限公司	1.0000 1.0000 2020-04-07
2099 工银瑞信基金管理有限公司	1.0000 1.0000 2020-04-07
2100 招商基金管理有限公司	1.0000 1.0000 2020-04-07
2091 南方基金管理股份有限公司	1.0000 1.0000 2020-04-07
2092 华夏基金管理有限公司	1.0000 1.0000 2020-04-07
2093 易方达基金管理有限公司	1.0000 1.0000 2020-04-07
2094 嘉实基金管理有限公司	1.0000 1.0000 2020-04-07
2095 博时基金管理有限公司	1.0000 1.0000 2020-04-07
2096 广发基金管理有限公司	1.0000 1.0000 2020-04-07
2097 汇添富基金管理股份有限公司	1.0000 1.0000 2020-04-07
2098 富国基金管理有限公司	1.0000 1.0000 2020-04-07
2099 工银瑞信基金管理有限公司	1.0000 1.0000 2020-04-07
2100 招商基金管理有限公司	1.0000 1.0000 2020-04-07
2091 南方基金管理股份有限公司	1.0000 1.0000 2020-04-07
2092 华夏基金管理有限公司	1.0000 1.0000 2020-04-07
2093 易方达基金管理有限公司	1.0000 1.0000 2020-04-07
2094 嘉实基金管理有限公司	1.0000 1.0000 2020-04-07
2095 博时基金管理有限公司	1.0000 1.0000 2020-04-07
2096 广发基金管理有限公司	1.0000 1.0000 2020-04-07
2097 汇添富基金管理股份有限公司	1.0000 1.0000 2020-04-07
2098 富国基金管理有限公司	1.0000 1.0000 2020-04-07
2099 工银瑞信基金管理有限公司	1.0000 1.0000 2020-04-07
2100 招商基金管理有限公司	1.0000 1.0000 2020-04-07
2091 南方基金管理股份有限公司	1.0000 1.0000 2020-04-07
2092 华夏基金管理有限公司	1.0000 1.0000 2020-04-07
2093 易方达基金管理有限公司	1.0000 1.0000 2020-04-07
2094 嘉实基金管理有限公司	1.0000 1.0000 2020-04-07
2095 博时基金管理有限公司	1.0000 1.0000 2020-04-07
2096 广发基金管理有限公司	1.0000 1.0000 2020-04-07
2097 汇添富基金管理股份有限公司	1.0000 1.0000 2020-04-07
2098 富国基金管理有限公司	1.0000 1.0000 2020-04-07
2099 工银瑞信基金管理有限公司	1.0000 1.0000 2020-04-07
2100 招商基金管理有限公司	1.0000 1.0000 2020-04-07
2091 南方基金管理股份有限公司	1.0000 1.0000 2020-04-07
2092 华夏基金管理有限公司	1.0000 1.0000 2020-04-07
2093 易方达基金管理有限公司	1.0000 1.0000 2020-04-07
2094 嘉实基金管理有限公司	1.0000 1.0000 2020-04-07
2095 博时基金管理有限公司	1.0000 1.0000 2020-04-07
2096 广发基金管理有限公司	1.0000 1.0000 2020-04-07
2097 汇添富基金管理股份有限公司	1.0000 1.0000 2020-04-07
2098 富国基金管理有限公司	1.0000 1.0000 2020-04-07
2099 工银瑞信基金管理有限公司	1.0000 1.0000 2020-04-07
2100 招商基金管理有限公司	1.0000 1.0000 2020-04-07
2091 南方基金管理股份有限公司	1.0000 1.0000 2020-04-07
2092 华夏基金管理有限公司	1.0000 1.0000 2020-04-07
2093 易方达基金管理有限公司	1.0000 1.0000 2020-04-07
2094 嘉实基金管理有限公司	1.0000 1.0000 2020-04-07
2095 博时基金管理有限公司	1.0000 1.0000 2020-04-07
2096 广发基金管理有限公司	1.0000 1.0000 2020-04-07
2097 汇添富基金管理股份有限公司	1.0000 1.0000 2020-04-07
2098 富国基金管理有限公司	1.0000 1.0000 2020-04-07
2099 工银瑞信基金管理有限公司	1.0000 1.0000 2020-04-07
2100 招商基金管理有限公司	1.0000 1.0000 2020-04-07
2091 南方基金管理股份有限公司	1.0000 1.0000 2020-04-07
2092 华夏基金管理有限公司	1.0000 1.0000 2020-04-07
2093 易方达基金管理有限公司	1.0000 1.0000 2020-04-07
2094 嘉实基金管理有限公司	1.0000 1.0000 2020-04-07
2095 博时基金管理有限公司	1.0000 1.0000 2020-04-07
2096 广发基金管理有限公司	1.0000 1.0000 2020-04-07
2097 汇添富基金管理股份有限公司	1.0000 1.0000 2020-04-07
2098 富国基金管理有限公司	1.0000 1.0000 2020-04-07
2099 工银瑞信基金管理有限公司	1.0000 1.0000 2020-04-07
2100 招商基金管理有限公司	1.0000 1.0000 2020-04-07
2091 南方基金管理股份有限公司	1.0000 1.0000 2020-04-07
2092 华夏基金管理有限公司	1.0000 1.0000 2020-04-07
2093 易方达基金管理有限公司	1.0000 1.0000 2020-04-07
2094 嘉实基金管理有限公司	1.0000 1.0000 2020-04-07
2095 博时基金管理有限公司	1.0000 1.0000 2020-04-07
2096 广发基金管理有限公司	1.0000 1.0000 2020-04-07
2097 汇添富基金管理股份有限公司	1.0000 1.0000 2020-04-07
2098 富国基金管理有限公司	1.0000 1.0000 2020-04-07
2099 工银瑞信基金管理有限公司	1.0000 1.0000 2020-04-07
2100 招商基金管理有限公司	1.0000 1.0000 2020-04-07
2091 南方基金管理股份有限公司	1.0000 1.0000 2020-04-07
2092 华夏基金管理有限公司	1.0000 1.0000 2020-04-07
2093 易方达基金管理有限公司	1.0000 1.0000 2020-04-07
2094 嘉实基金管理有限公司	1.0000 1.0000 2020-04-07
2095 博时基金管理有限公司	1.0000 1.0000 2020-04-07
2096 广发基金管理有限公司	1.0000 1.0000 2020-04-07
2097 汇添富基金管理股份有限公司	1.0000 1.0000 2020-04-07
2098 富国基金管理有限公司	1.0000 1.0000 2020-04-07
2099 工银瑞信基金管理有限公司	1.0000 1.0000 2020-04-07
2100 招商基金管理有限公司	1.0000 1.0000 2020-04-07
2091 南方基金管理股份有限公司	1.0000 1.0000 2020-04-07
2092 华夏基金管理有限公司	1.0000 1.0000 2020-04-07
2093 易方达基金管理有限公司	1.0000 1.0000 2020-04-07
2094 嘉实基金管理有限公司	1.0000 1.0000 2020-04-07
2095 博时基金管理有限公司	1.0000 1.0000 2020-04-07
2096 广发基金管理有限公司	1.0000 1.0000 2020-04-07
2097 汇添富基金管理股份有限公司	1.0000 1.0000 2020-04-07
2098 富国基金管理有限公司	1.0000 1.0000 2020-04-07
2099 工银瑞信基金管理有限公司	1.0000 1.0000 2020-04-07
2100 招商基金管理有限公司	1.0000 1.0000 2020-04-07
2091 南方基金管理股份有限公司	1.0000 1.0000 2020-04-07
2092 华夏基金管理有限公司	1.0000 1.0000 2020-04-07
2093 易方达基金管理有限公司	1.0000 1.0000 2020-04-07
2094 嘉实基金管理有限公司	1.0000 1.0000 2020-04-07
2095 博时基金管理有限公司	1.0000 1.0000 2020-04-07
2096 广发基金管理有限公司	1.0000 1.0000 2020-04-07
2097 汇添富基金管理股份有限公司	1.0000 1.0000 2020-04-07
2098 富国基金管理有限公司	1.0000 1.0000 2020-04-07
2099 工银瑞信基金管理有限公司	1.0000 1.0000 2020-04-07
2100 招商基金管理有限公司	1.0000 1.0000 2020-04-07
2091 南方基金管理股份有限公司	1.0000 1.0000 2020-04-07
2092 华夏基金管理有限公司	1.0000 1.0000 2020-04-07
2093 易方达基金管理有限公司	1.0000 1.0000 2020-04-07
2094 嘉实基金管理有限公司	1.0000 1.0000 2020-04-07
2095 博时基金管理有限公司	1.0000 1.0000 2020-04-07
2096 广发基金管理有限公司	1.0000 1.0000 2020-04-07
2097 汇添富基金管理股份有限公司	1.0000 1.0000 2020-04-07
2098 富国基金管理有限公司	1.0000 1.0000 2020-04-07
2099 工银瑞信基金管理有限公司	1.0000 1.0000 2020-04-07
2100 招商基金管理有限公司	1.0000 1.0000 2020-04-07
2091 南方基金管理股份有限公司	1.0000 1.0000 2020-04-07
2092 华夏基金管理有限公司	1.0000 1.0000 2020-04-07
2093 易方达基金管理有限公司	1.0000 1.0000 2020-04-07
2094 嘉实基金管理有限公司	1.0000 1.0000 2020-04-07
2095 博时基金管理有限公司	1.0000 1.0000 2020-04-07
2096 广发基金管理有限公司	1.0000 1.0000 2020-04-07
2097 汇添富基金管理股份有限公司	1.0000 1.0000 2020-04-07
2098 富国基金管理有限公司	1.0000 1.0000 2020-04-07
2099 工银瑞信基金管理有限公司	1.0000 1.0000 2020-04-07
2100 招商基金管理有限公司	1.0000 1.0000 2020-04-07
2091 南方基金管理股份有限公司	1.0000 1.0000 2020-04-07
2092 华夏基金管理有限公司	1.0000 1.0000 2020-04-07
2093 易方达基金管理有限公司	1.0000 1.0000 2020-04-07
2094 嘉实基金管理有限公司	1.0000 1.0000 2020-04-07
2095 博时基金管理有限公司	1.0000 1.0000 2020-04-07
2096 广发基金管理有限公司	1.0000 1.0000 2020-04-07
2097 汇添富基金管理股份有限公司	1.0000 1.0000 2020-04-07
2098 富国基金管理有限公司	1.0000 1.0000 2020-04-07
2099 工银瑞信基金管理有限公司	1.0000 1.0000 2020-04-07
2100 招商基金管理有限公司	1.0000 1.0000 2020-04-07
2091 南方基金管理股份有限公司	1.0000 1.0000 2020-04-07
2092 华夏基金管理有限公司	1.0000 1.0000 2020-04-07
2093 易方达基金管理有限公司	1.0000 1.0000 2020-04-07
2094 嘉实基金管理有限公司	1.0000 1.0000 2020-04-07
2095 博时基金管理有限公司	1.0000 1.0000 2020-04-07
2096 广发基金管理有限公司	1.0000 1.0000 2020-04-07
2097 汇添富基金管理股份有限公司	1.0000 1.0000 2020-04-07
2098 富国基金管理有限公司	1.0000 1.0000 2020-04-07
2099 工银瑞信基金管理有限公司	1.0000 1.0000 2020-04-07
2100 招商基金管理有限公司	1.0000 1.0000 2020-04-07
2091 南方基金管理股份有限公司	1.0000 1.0000 2020-04-07
2092 华夏基金管理有限公司	1.0000 1.0000 2020-04-07
2093 易方达基金管理有限公司	1.0000 1.0000 2020-04-07
2094 嘉实基金管理有限公司	1.0000 1.0000 2020-04-07
2095 博时基金管理有限公司	1.0000 1.0000 2020-04-07
2096 广发基金管理有限公司	1.0000 1.0000 2020-04-07
2097 汇添富基金管理股份有限公司	1.0000 1.0000 2020-04-07
2098 富国基金管理有限公司	1.0000 1.0000 2020-04-07
2099 工银瑞信基金管理有限公司	1.0000 1.0000 2020-04-07
2100 招商基金管理有限公司	1.0000 1.0000 2020-04-07
2091 南方基金管理股份有限公司	1.0000 1.0000 2020-04-07
2092 华夏基金管理有限公司	1.0000 1.0000 2020-04-07
2093 易方达基金管理有限公司	1.0000 1.0000 2020-04-07
2094 嘉实基金管理有限公司	1.0000 1.0000 2020-04-07
2095 博时基金管理有限公司	1.0000 1.0000 2020-04-07
2096 广发基金管理有限公司	1.0000 1.0000 2020-04-07
2097 汇添富基金管理股份有限公司	1.0000 1.0000 2020-04-07
2098 富国基金管理有限公司	1.0000 1.0000 2020-04-07
2099 工银瑞信基金管理有限公司	1.0000 1.0000 2020-04-07
2100 招商基金管理有限公司	1.0000 1.0000 2020-04-07
2091 南方基金管理股份有限公司	1.0000 1.0000 2020-04-07
2092 华夏基金管理有限公司	1.0000 1.0000 2020-04-07
2093 易方达基金管理有限公司	1.0000 1.0000 2020-04-07
2094 嘉实基金管理有限公司	1.0000 1.0000 2020-04-07
2095 博时基金管理有限公司	1.0000 1.0000 2020-04-07
2096 广发基金管理有限公司	1.0000 1.0000 2020-04-07
2097 汇添富基金管理股份有限公司	1.0000 1.0000 2020-04-07
2098 富国基金管理有限公司	1.0000 1.0000 2020-04-07
2099 工银瑞信基金管理有限公司	1.0000 1.0000 2020-04-07
2100 招商基金管理有限公司	1.0000 1.0000 2020-04-07
2091 南方基金管理股份有限公司	1.0000 1.0000 2020-04-07
2092 华夏基金管理有限公司	1.0000 1.0000 2020-04-07
2093 易方达基金管理有限公司	1.0000 1.0000 2020-04-07
2094 嘉实基金管理有限公司	1.0000 1.0000 2020-04-07
2095 博时基金管理有限公司	1.0000 1.0000 2020-04-07
2096 广发基金管理有限公司	1.0000 1.0000 2020-04-07
2097 汇添富基金管理股份有限公司	1.0000 1.0000 2020-04-07
2098 富国基金管理有限公司	1.0000 1.0000 2020-04-07
2099 工银瑞信基金管理有限公司	1.0000 1.0000 2020-04-07
2100 招商基金管理有限公司	1.0000 1.0000 2020-04-07
2091 南方基金管理股份有限公司	1.0000 1.0000 2020-04-07
2092 华夏基金管理有限公司	1.0000 1.0000 2020-04-07
2093 易方达基金管理有限公司	1.0000 1.0000 2020-04-07
2094 嘉实基金管理有限公司	1.0000 1.0000 2020-04-07
2095 博时基金管理有限公司	1.0000 1.0000 2020-04-07
2096 广发基金管理有限公司	1.0000 1.0000 2020-04-07
2097 汇添富基金管理股份有限公司	1.0000 1.0000 2020-04-07
2098 富国基金管理有限公司	1.0000 1.0000 2020-04-07
2099 工银瑞信基金管理有限公司	1.0000 1.0000 2020-04-07
2100 招商基金管理有限公司	1.0000 1.0000 2020-04-07
2091 南方基金管理股份有限公司	1.0000 1.0000 2020-04-07
2092 华夏基金管理有限公司	1.0000 1.0000 2020-04-07
2093 易方达基金管理有限公司	1.0000 1.0000 2020-04-07
2094 嘉实基金管理有限公司	1.0000 1.0000 2020-04-07
2095 博时基金管理有限公司	1.0000 1.0000 2020-04-07
2096 广发基金管理有限公司	1.0000 1.0000 2020-04-07
2097 汇添富基金管理股份有限公司	1.0000 1.0000 2020-04-07
2098 富国基金管理有限公司	1.0000 1.0000 2020-04-07
2099 工银瑞信基金管理有限公司	1.0000 1.0000 2020-04-07
2100 招商基金管理有限公司	1.0000 1.0000 2020-04-07
2091 南方基金管理股份有限公司	1.0000 1.0000 2020-04-07
2092 华夏基金管理有限公司	1.0000 1.0000 2020-04-07
2093 易方达基金管理有限公司	1.0000 1.0000 2020-04-07
2094 嘉实基金管理有限公司	1.0000 1.0000 2020-04-07
2095 博时基金管理有限公司	1.0000 1.0000 2020-04-07
2096 广发基金管理有限公司	1.0000 1.0000 2020-04-07
2097 汇添富基金管理股份有限公司	1.0000 1.0000 2020-04-07
2098 富国基金管理有限公司	1.0000 1.0000 2020-04-07
2099 工银瑞信基金管理有限公司	1.0000 1.0000 2020-04-07
2100 招商基金管理有限公司	1.0000 1.0000 2020-04-07
2091 南方基金管理股份有限公司	1.0000 1.0000 2020-04-07
2092 华夏基金管理有限公司	1.0000 1.0000 2020-04-07
2093 易方达基金管理有限公司	1.0000 1.0000 2020-04-07
2094 嘉实基金管理有限公司	1.0000 1.0000 2020-04-07
2095 博时基金管理有限公司	1.0000 1.0000 2020-04-07
2096 广发基金管理有限公司	1.0000 1.0000 2020-04-07
2097 汇添富基金管理股份有限公司	1.0000 1.0000 2020-04-07
2098 富国基金管理有限公司	1.0000 1.0000 2020-04-07
2099 工银瑞信基金管理有限公司	1.0000 1.0000 2020-04-07
2100 招商基金管理有限公司	1.0000 1.0000 2020-04-07
2091 南方基金管理股份有限公司	1.0000 1.0000 2020-04-07
2092 华夏基金管理有限公司	1.0000 1.0000 2020-04-07
2093 易方达基金管理有限公司	1.0000 1.0000 2020-04-07
2094 嘉实基金管理有限公司	1.0000 1.0000 2020-04-07
2095 博时基金管理有限公司	1.0000 1.0000 2020-04-07
2096 广发基金管理有限公司	1.0000 1.0000 2020-04-07
2097 汇添富基金管理股份有限公司	1.0000 1.0000 2020-04-07
2098 富国基金管理有限公司	1.0000 1.0000 2020-04-07
2099 工银瑞信基金管理有限公司	1.0000 1.0000 2020-04-07
2100 招商基金管理有限公司	1.0000 1.0000 2020-04-07
2091 南方基金管理股份有限公司	1.0000 1.0000 2020-04-07
2092 华夏基金管理有限公司	1.0000 1.0000 2020-04-07
2093 易方达基金管理有限公司	1.0000 1.0000 2020-04-07
2094 嘉实基金管理有限公司	1.0000 1.0000 2020-04-07
2095 博时基金管理有限公司	1.0000 1.0000 2020-04-07
2096 广发基金管理有限公司	1.0000 1.0000 2020-04-07
2097 汇添富基金管理股份有限公司	1.0000 1.0000 2020-04-07
2098 富国基金管理有限公司	1.0000 1.0000 2020-04-07
2099 工银瑞信基金管理有限公司	1.0000 1.0000 2020-04-07
2100 招商基金管理有限公司	1.0000 1.0000 2020-04-07
2091 南方基金管理股份有限公司	1.0000 1.0000 2020-04-07
2092 华夏基金管理有限公司	1.0000 1.0000 2020-04-07
2093 易方达基金管理有限公司	1.0000 1.0000 2020-04-07
2094 嘉实基金管理有限公司	1.0000 1.0000 2020-04-07
2095 博时基金管理有限公司	1.0000 1.0000 2020-04-07
2096 广发基金管理有限公司	1.0000 1.0000 2020-04-07
2097 汇添富基金管理股份有限公司	1.0000 1.0000 2020-04-07
2098 富国基金管理有限公司	1.0000 1.0000 2020-04-07
2099 工银瑞信基金管理有限公司	1.0000 1.0000 2020-04-07
2100 招商基金管理有限公司	1.0000 1.0000 2020-04-07
2091 南方基金管理股份有限公司	1.0000 1.0000 2020-04-07
2092 华夏基金管理有限公司	1.0000 1.0000 2020-04-07
2093 易方达基金管理有限公司	1.0000 1.0000 2020-04-07
2094 嘉实基金管理有限公司	1.0000 1.0000 2020-04-07
2095 博时基金管理有限公司	1.0000 1.0000 2020-04-07
2096 广发基金管理有限公司	1.0000 1.0000 2020-04-07
2097 汇添富基金管理股份有限公司	1.0000 1.0000 2020-04-07
2098 富国基金管理有限公司	1.0000 1.0000 2020-04-07
2099 工银瑞信基金管理有限公司	1.0000 1.0000 2020-04-07
2100 招商基金管理有限公司	1.0000 1.0000 2020-04-07
2091 南方基金管理股份有限公司	1.0000 1.0000 2020-04-07
2092 华夏基金管理有限公司	1.0000 1.0000 2020-04-07
2093 易方达基金管理有限公司	1.0000 1.0000 2020-04-07
2094 嘉实基金管理有限公司	1.0000 1.0000 2020-04-07
2095 博时基金管理有限公司	1.0000 1.0000 2020-04-07
2096 广发基金管理有限公司	1.0000 1.0000 2020-04-07
2097 汇添富基金管理股份有限公司	1.0000 1.0000 2020-04-07
2098 富国基金管理有限公司	1.0000 1.0000 2020-04-07
2099 工银瑞信基金管理有限公司	1.0000 1.0000 2020-04-07
2100 招商基金管理有限公司	1.0000 1.0000 2020-04-07
2091 南方基金管理股份有限公司	1.0000 1.0000 2020-04-07
2092 华夏基金管理有限公司	1.0000 1.0000 2020-04-07
2093 易方达基金管理有限公司	1.0000 1.0000 2020-04-07
2094 嘉实基金管理有限公司	1.0000 1.0000 2020-04-07
2095 博时基金管理有限公司	1.0000 1.0000 2020-04-07
2096 广发基金管理有限公司	1.0000 1.0000 2020-04-07
2097 汇添富基金管理股份有限公司	1.0000 1.0000 2020-04-07
2098 富国基金管理有限公司	1.0000 1.0000 2020-04-07
2099 工银瑞信基金管理有限公司	1.0000 1.0000 2020-04-07
2100 招商基金管理有限公司	1.0000 1.0000 2020-04-07
2091 南方基金管理股份有限公司	1.0000 1.0000 2020-04-07
2092 华夏基金管理有限公司	1.0000 1.0000 2020-04-07
2093 易方达基金管理有限公司	1.0000 1.0000 2020-04-07
2094 嘉实基金管理有限公司	1.0000 1.0000 2020-04-07
2095 博时基金管理有限公司	1.0000 1.0000 2020-04-07
2096 广发基金管理有限公司	1.0000 1.0000 2020-04-07
2097 汇添富基金管理股份有限公司	1.0000 1.0000 2020-04-07
2098 富国基金管理有限公司	1.0000 1.0000 2020-04-07
2099 工银瑞信基金管理有限公司	1.0000 1.0000 2020-04-07
2100 招商基金管理有限公司	1.0000 1.0000 2020-04-07
2091 南方基金管理股份有限公司	1.0000 1.0000 2020-04-07
2092 华夏基金管理有限公司	1.0000 1.0000 2020-04-07
2093 易方达基金管理有限公司	1.0000 1.0000 2020-04-07
2094 嘉实基金管理有限公司	1.0000 1.0000 2020-04-07
2095 博时基金管理有限公司	1.0000 1.0000 2020-04-07
2096 广发基金管理有限公司	1.0000 1.0000 2020-04-07
2097 汇添富基金管理股份有限公司	1.0000 1.0000 2020-04-07
2098 富国基金管理有限公司	1.0000 1.0000 2020-04-07
2099 工银瑞信基金管理有限公司	1.0000 1.0000 2020-04-07
2100 招商基金管理有限公司	1.0000 1.0000 2020-04-07
2091 南方基金管理股份有限公司	1.0000 1.0000 2020-04-07
2092 华夏基金管理有限公司	1.0000 1.0000 2020-04-07
2093 易方达基金管理有限公司	1.0000 1.0000 2020-04-07
2094 嘉实基金管理有限公司	1.0000 1.0000 2020-04-07
2095 博时基金管理有限公司	1.0000 1.0000 2020-04-07
2096 广发基金管理有限公司	1.0000 1.0000 2020-04-07
2097 汇添富基金管理股份有限公司	1.0000 1.0000 2020-04-07
2098 富国基金管理有限公司	1.0000 1.0000 2020-04-07
2099 工银瑞信基金管理有限公司	1.0000 1.0000 2020-04-07
2100 招商基金管理有限公司	1.0000 1.0000 2020-04-07
2091 南方基金管理股份有限公司	1.0000 1.0000 2020-04-07
2092 华夏基金管理有限公司	1.0000 1.0000 2020-04-07
2093 易方达基金管理有限公司	1.0000 1.0000 2020-04-07
2094 嘉实基金管理有限公司	1.0000 1.0000 2020-04-07
2095 博时基金管理有限公司	1.0000 1.0000 2020-04-07
2096 广发基金管理有限公司	1.0000 1.0000 2020-04-07
2097 汇添富基金管理股份有限公司	1.0000 1.0000 2020-04-07
2098 富国基金管理有限公司	1.0000 1.0000 2020-04-07
2099 工银瑞信基金管理有限公司	1.0000 1.0000 2020-04-07
2100 招商基金管理有限公司	1.0000 1.0000 2020-04-07
2091 南方基金管理股份有限公司	1.0000 1.0000 2020-04-07
2092 华夏基金管理有限公司	1.0000 1.0000 2020-04-07
2093 易方达基金管理有限公司	1.0000 1.0000 2020-04-07
2094 嘉实基金管理有限公司	1.0000 1.0000 2020-04-07
2095 博时基金管理有限公司	1.0000 1.0000 2020-04-07
2096 广发基金管理有限公司	1.0000 1.0000 2020-04-07
2097 汇添富基金管理股份有限公司	1.0000 1.0000 2020-04-07
2098 富国基金管理有限公司	1.0000 1.0000 2020-04-07
2099 工银瑞信基金管理有限公司	1.0000 1.0000 2020-04-07
2100 招商基金管理有限公司	1.0000 1.0000 2020-04-07
2091 南方基金管理股份有限公司	1.0000 1.0000 2020-04-07
2092 华夏基金管理有限公司	1.0000 1.0000 2020-04-07
2093 易方达基金管理有限公司	1.0000 1.0000 2020-04-07
2094 嘉实基金管理有限公司	1.0000 1.0000 2020-04-07
2095 博时基金管理有限公司	1.0000 1.0000 2020-04-07
2096 广发基金管理有限公司	1.0000 1.0000 2020-04-07
2097 汇添富基金管理股份有限公司	1.0000 1.0000 2020-04-07
2098 富国基金管理有限公司	1.0000 1.0000 2020-04-07
2099 工银瑞信基金管理有限公司	1.0000 1.0000 2020-04-07
2100 招商基金管理有限公司	1.0000 1.0000 2020-04-07
2091 南方基金管理股份有限公司	1.0000 1.0000 2020-04-07
2092 华夏基金管理有限公司	1.0000 1.0000 2020-04-07
2093 易方达基金管理有限公司	1.0000 1.0000 2020-04-07
2094 嘉实基金管理有限公司	1.0000 1.0000 2020-04-07
下转 A29 版
